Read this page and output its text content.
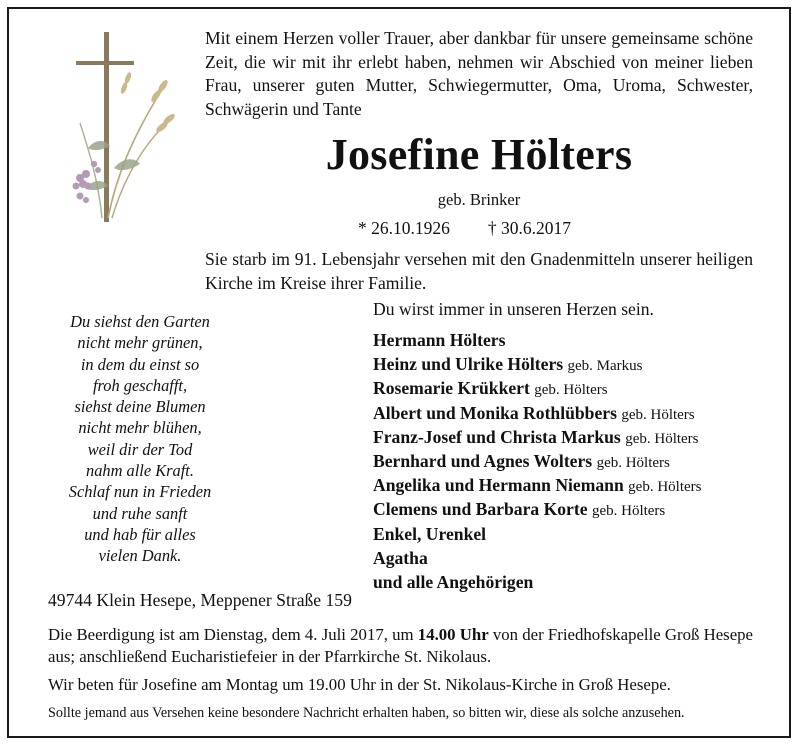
Mit einem Herzen voller Trauer, aber dankbar für unsere gemeinsame schöne Zeit, die wir mit ihr erlebt haben, nehmen wir Abschied von meiner lieben Frau, unserer guten Mutter, Schwiegermutter, Oma, Uroma, Schwester, Schwägerin und Tante
Josefine Hölters
geb. Brinker
* 26.10.1926 † 30.6.2017
Sie starb im 91. Lebensjahr versehen mit den Gnadenmitteln unserer heiligen Kirche im Kreise ihrer Familie.
Du siehst den Garten
nicht mehr grünen,
in dem du einst so
froh geschafft,
siehst deine Blumen
nicht mehr blühen,
weil dir der Tod
nahm alle Kraft.
Schlaf nun in Frieden
und ruhe sanft
und hab für alles
vielen Dank.
Du wirst immer in unseren Herzen sein.
Hermann Hölters
Heinz und Ulrike Hölters geb. Markus
Rosemarie Krükkert geb. Hölters
Albert und Monika Rothlübbers geb. Hölters
Franz-Josef und Christa Markus geb. Hölters
Bernhard und Agnes Wolters geb. Hölters
Angelika und Hermann Niemann geb. Hölters
Clemens und Barbara Korte geb. Hölters
Enkel, Urenkel
Agatha
und alle Angehörigen
49744 Klein Hesepe, Meppener Straße 159
Die Beerdigung ist am Dienstag, dem 4. Juli 2017, um 14.00 Uhr von der Friedhofskapelle Groß Hesepe aus; anschließend Eucharistiefeier in der Pfarrkirche St. Nikolaus.
Wir beten für Josefine am Montag um 19.00 Uhr in der St. Nikolaus-Kirche in Groß Hesepe.
Sollte jemand aus Versehen keine besondere Nachricht erhalten haben, so bitten wir, diese als solche anzusehen.
